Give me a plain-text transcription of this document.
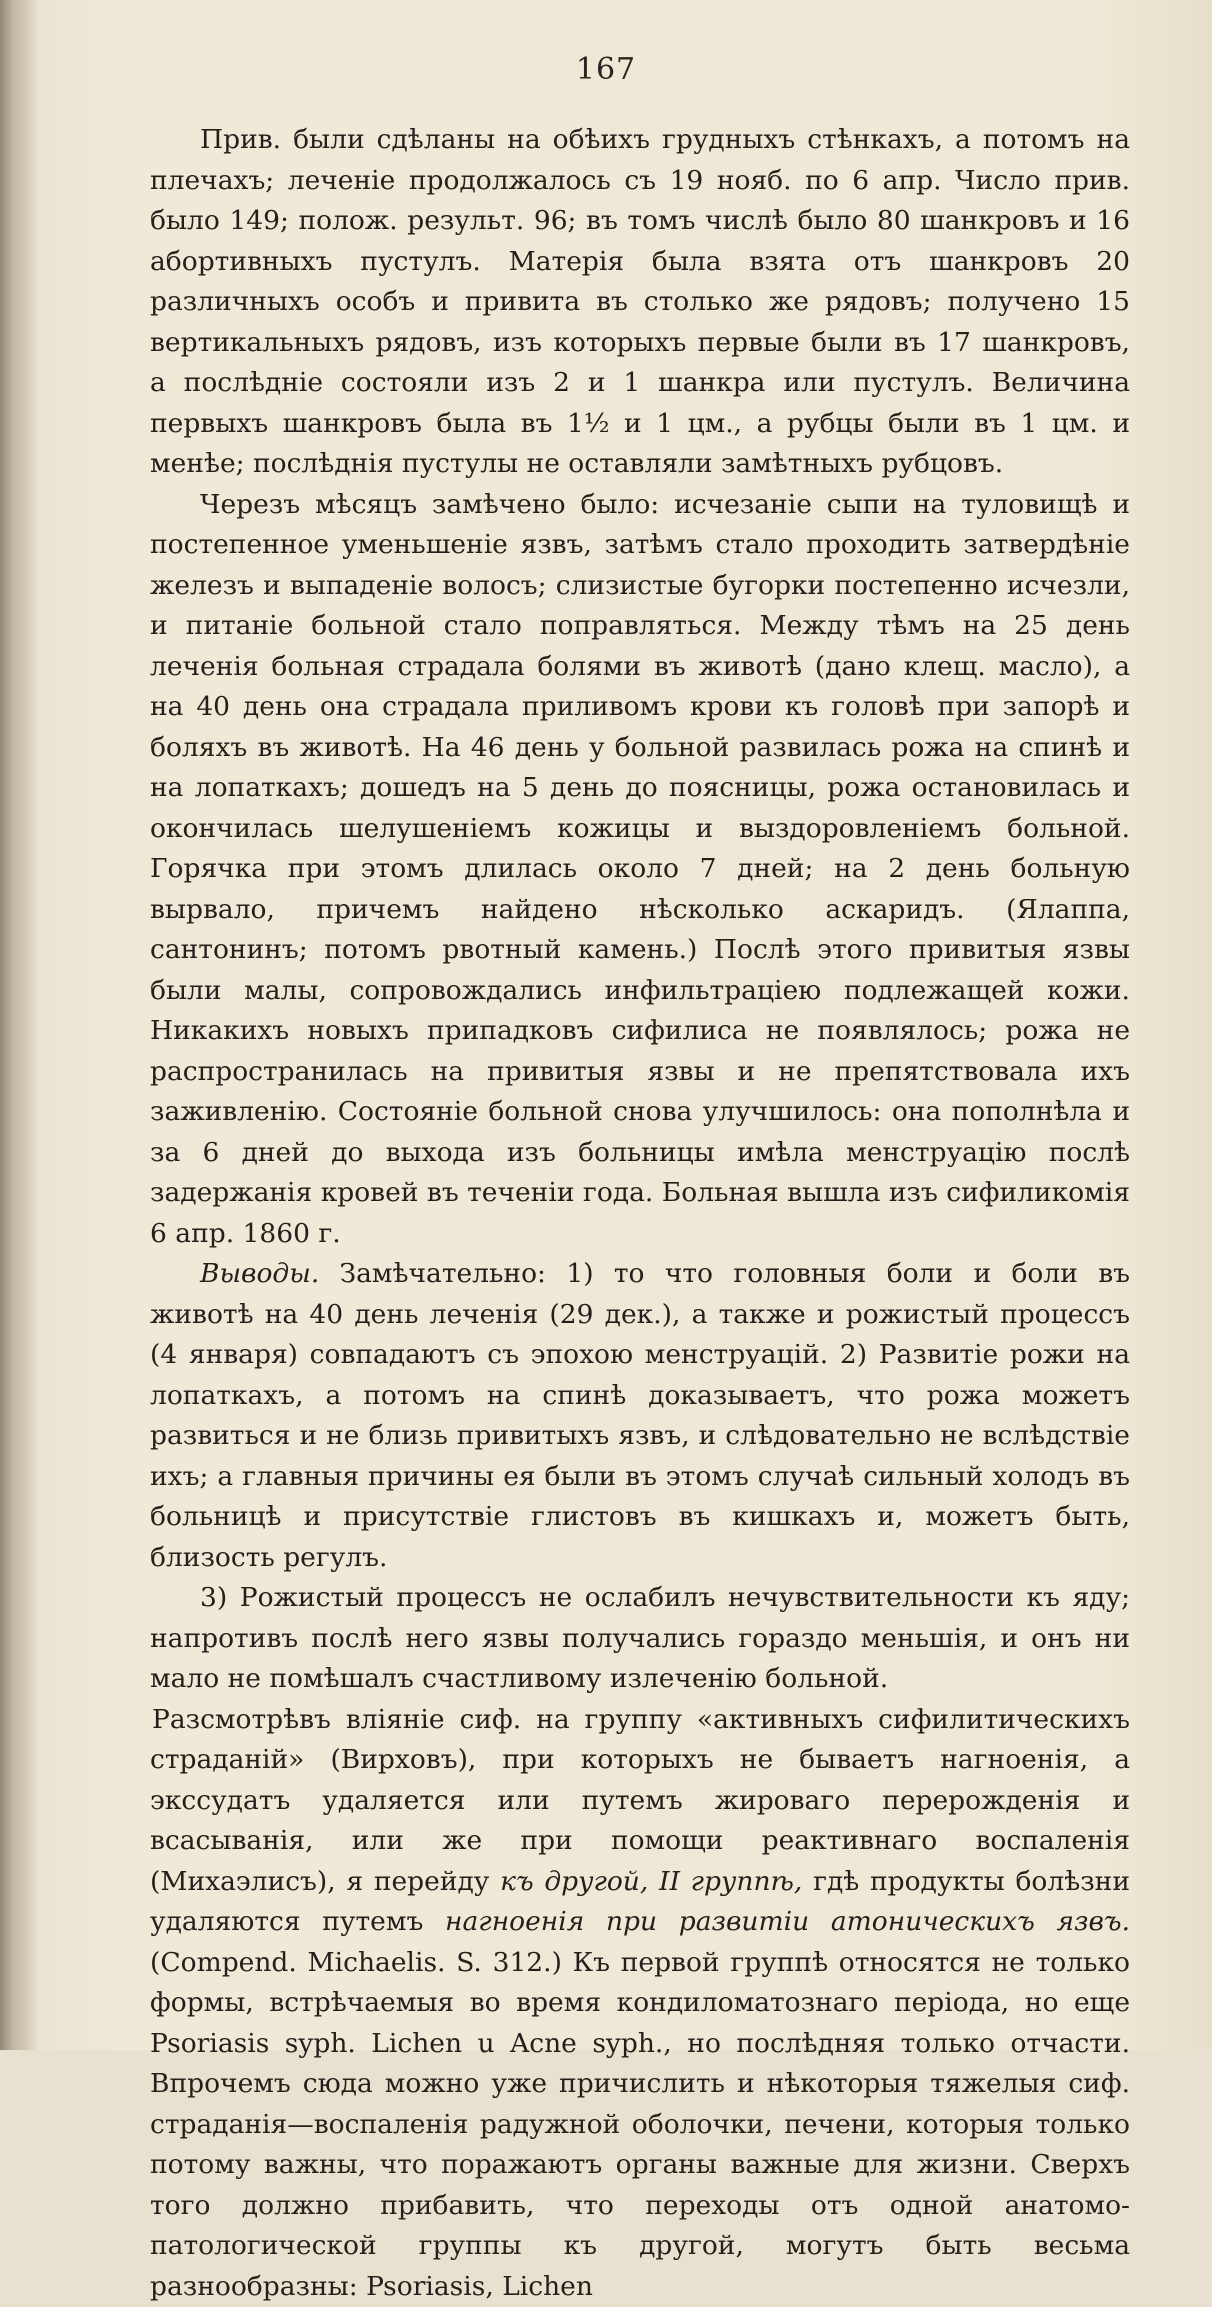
167

Прив. были сдѣланы на обѣихъ грудныхъ стѣнкахъ, а потомъ на плечахъ; леченіе продолжалось съ 19 нояб. по 6 апр. Число прив. было 149; полож. результ. 96; въ томъ числѣ было 80 шанкровъ и 16 абортивныхъ пустулъ. Матерія была взята отъ шанкровъ 20 различныхъ особъ и привита въ столько же рядовъ; получено 15 вертикальныхъ рядовъ, изъ которыхъ первые были въ 17 шанкровъ, а послѣдніе состояли изъ 2 и 1 шанкра или пустулъ. Величина первыхъ шанкровъ была въ 1½ и 1 цм., а рубцы были въ 1 цм. и менѣе; послѣднія пустулы не оставляли замѣтныхъ рубцовъ.

Черезъ мѣсяцъ замѣчено было: исчезаніе сыпи на туловищѣ и постепенное уменьшеніе язвъ, затѣмъ стало проходить затвердѣніе железъ и выпаденіе волосъ; слизистые бугорки постепенно исчезли, и питаніе больной стало поправляться. Между тѣмъ на 25 день леченія больная страдала болями въ животѣ (дано клещ. масло), а на 40 день она страдала приливомъ крови къ головѣ при запорѣ и боляхъ въ животѣ. На 46 день у больной развилась рожа на спинѣ и на лопаткахъ; дошедъ на 5 день до поясницы, рожа остановилась и окончилась шелушеніемъ кожицы и выздоровленіемъ больной. Горячка при этомъ длилась около 7 дней; на 2 день больную вырвало, причемъ найдено нѣсколько аскаридъ. (Ялаппа, сантонинъ; потомъ рвотный камень.) Послѣ этого привитыя язвы были малы, сопровождались инфильтраціею подлежащей кожи. Никакихъ новыхъ припадковъ сифилиса не появлялось; рожа не распространилась на привитыя язвы и не препятствовала ихъ заживленію. Состояніе больной снова улучшилось: она пополнѣла и за 6 дней до выхода изъ больницы имѣла менструацію послѣ задержанія кровей въ теченіи года. Больная вышла изъ сифиликомія 6 апр. 1860 г.

Выводы. Замѣчательно: 1) то что головныя боли и боли въ животѣ на 40 день леченія (29 дек.), а также и рожистый процессъ (4 января) совпадаютъ съ эпохою менструацій. 2) Развитіе рожи на лопаткахъ, а потомъ на спинѣ доказываетъ, что рожа можетъ развиться и не близь привитыхъ язвъ, и слѣдовательно не вслѣдствіе ихъ; а главныя причины ея были въ этомъ случаѣ сильный холодъ въ больницѣ и присутствіе глистовъ въ кишкахъ и, можетъ быть, близость регулъ.

3) Рожистый процессъ не ослабилъ нечувствительности къ яду; напротивъ послѣ него язвы получались гораздо меньшія, и онъ ни мало не помѣшалъ счастливому излеченію больной.

Разсмотрѣвъ вліяніе сиф. на группу «активныхъ сифилитическихъ страданій» (Вирховъ), при которыхъ не бываетъ нагноенія, а экссудатъ удаляется или путемъ жироваго перерожденія и всасыванія, или же при помощи реактивнаго воспаленія (Михаэлисъ), я перейду къ другой, II группѣ, гдѣ продукты болѣзни удаляются путемъ нагноенія при развитіи атоническихъ язвъ. (Compend. Michaelis. S. 312.) Къ первой группѣ относятся не только формы, встрѣчаемыя во время кондиломатознаго періода, но еще Psoriasis syph. Lichen u Acne syph., но послѣдняя только отчасти. Впрочемъ сюда можно уже причислить и нѣкоторыя тяжелыя сиф. страданія—воспаленія радужной оболочки, печени, которыя только потому важны, что поражаютъ органы важные для жизни. Сверхъ того должно прибавить, что переходы отъ одной анатомо-патологической группы къ другой, могутъ быть весьма разнообразны: Psoriasis, Lichen
